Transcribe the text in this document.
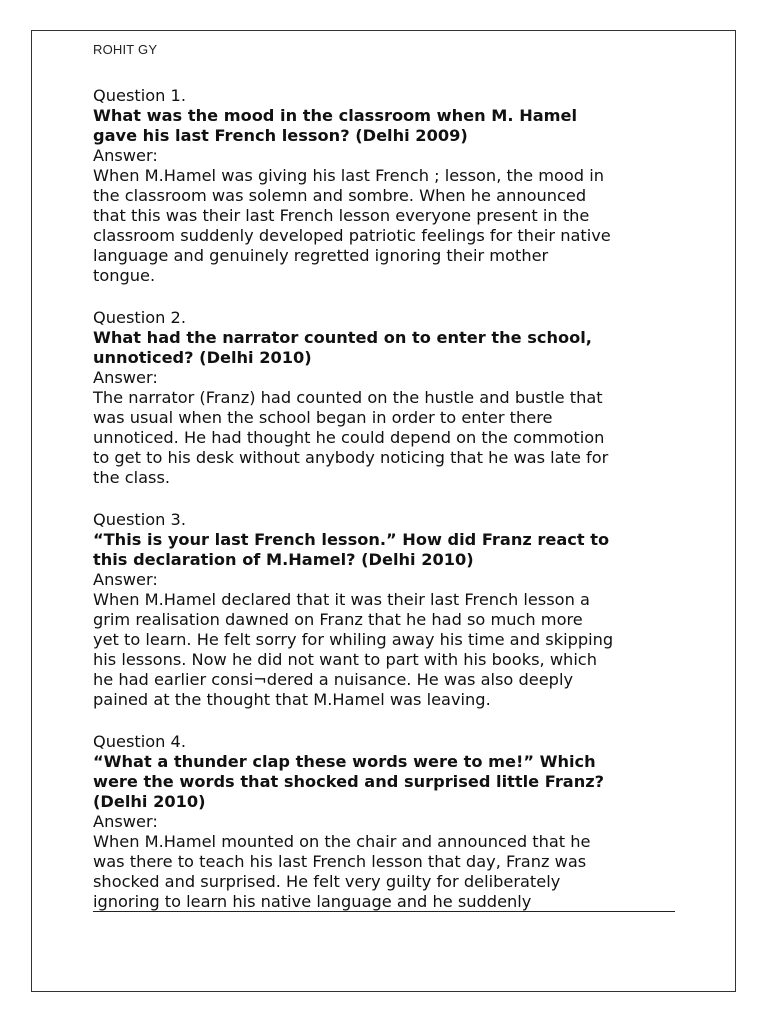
ROHIT GY
Question 1.
What was the mood in the classroom when M. Hamel
gave his last French lesson? (Delhi 2009)
Answer:
When M.Hamel was giving his last French ; lesson, the mood in
the classroom was solemn and sombre. When he announced
that this was their last French lesson everyone present in the
classroom suddenly developed patriotic feelings for their native
language and genuinely regretted ignoring their mother
tongue.
Question 2.
What had the narrator counted on to enter the school,
unnoticed? (Delhi 2010)
Answer:
The narrator (Franz) had counted on the hustle and bustle that
was usual when the school began in order to enter there
unnoticed. He had thought he could depend on the commotion
to get to his desk without anybody noticing that he was late for
the class.
Question 3.
“This is your last French lesson.” How did Franz react to
this declaration of M.Hamel? (Delhi 2010)
Answer:
When M.Hamel declared that it was their last French lesson a
grim realisation dawned on Franz that he had so much more
yet to learn. He felt sorry for whiling away his time and skipping
his lessons. Now he did not want to part with his books, which
he had earlier consi¬dered a nuisance. He was also deeply
pained at the thought that M.Hamel was leaving.
Question 4.
“What a thunder clap these words were to me!” Which
were the words that shocked and surprised little Franz?
(Delhi 2010)
Answer:
When M.Hamel mounted on the chair and announced that he
was there to teach his last French lesson that day, Franz was
shocked and surprised. He felt very guilty for deliberately
ignoring to learn his native language and he suddenly
